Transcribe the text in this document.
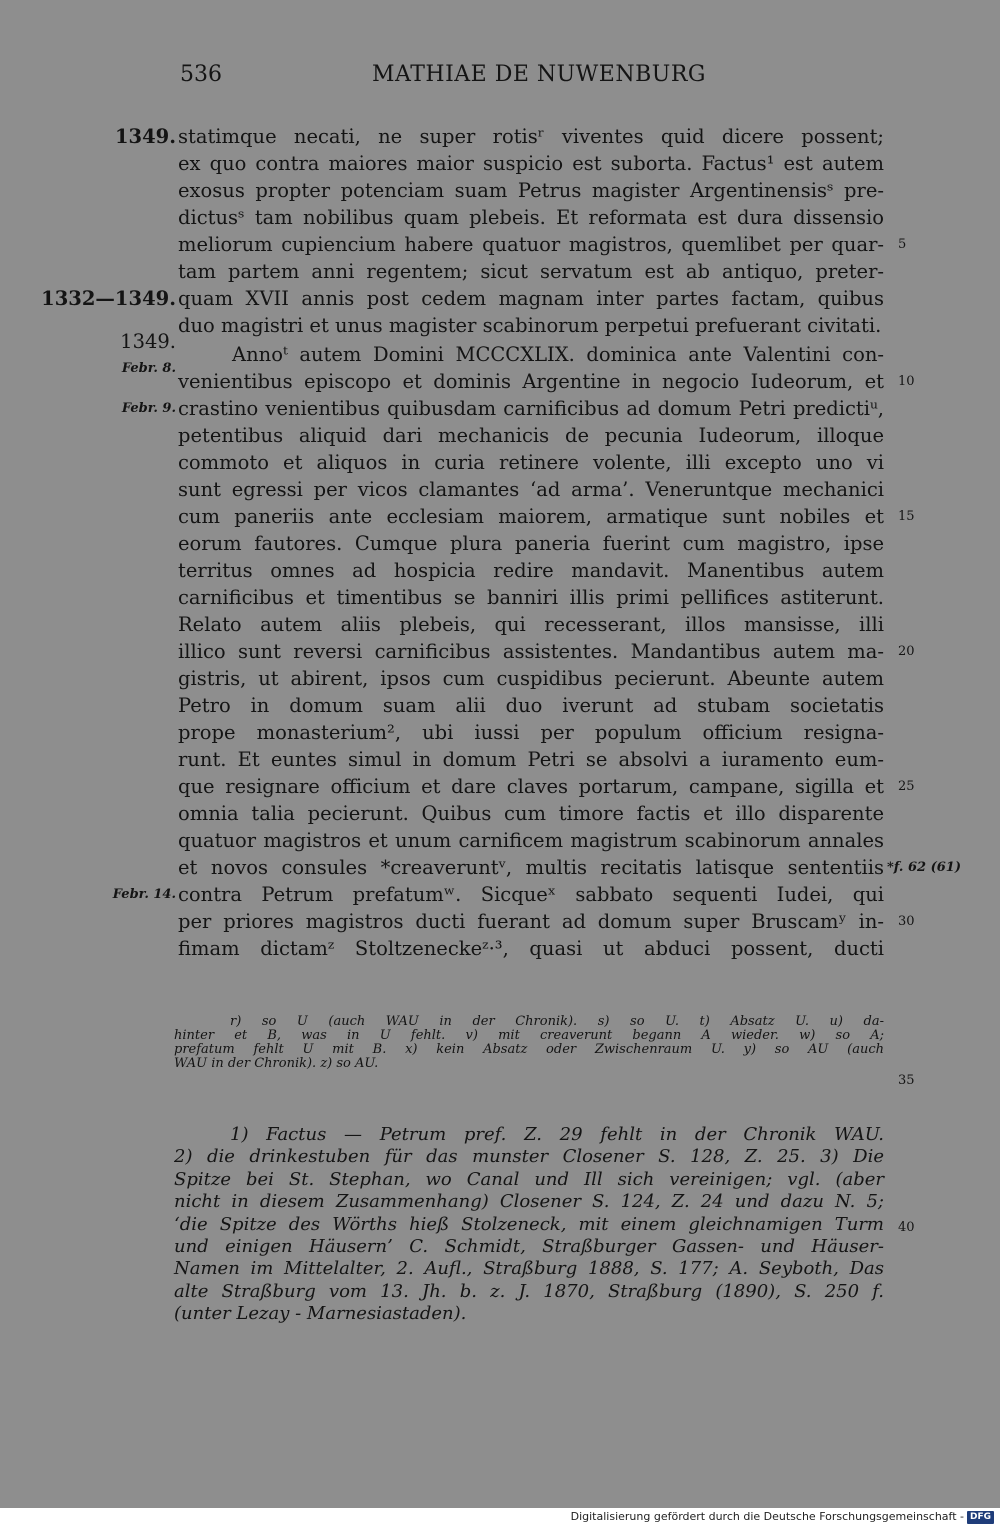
536	MATHIAE DE NUWENBURG
statimque necati, ne super rotisʳ viventes quid dicere possent;
ex quo contra maiores maior suspicio est suborta. Factus¹ est autem
exosus propter potenciam suam Petrus magister Argentinensisˢ pre-
dictusˢ tam nobilibus quam plebeis. Et reformata est dura dissensio
meliorum cupiencium habere quatuor magistros, quemlibet per quar-
tam partem anni regentem; sicut servatum est ab antiquo, preter-
quam XVII annis post cedem magnam inter partes factam, quibus
duo magistri et unus magister scabinorum perpetui prefuerant civitati.
Annoᵗ autem Domini MCCCXLIX. dominica ante Valentini con-
venientibus episcopo et dominis Argentine in negocio Iudeorum, et
crastino venientibus quibusdam carnificibus ad domum Petri predictiᵘ,
petentibus aliquid dari mechanicis de pecunia Iudeorum, illoque
commoto et aliquos in curia retinere volente, illi excepto uno vi
sunt egressi per vicos clamantes ‘ad arma’. Veneruntque mechanici
cum paneriis ante ecclesiam maiorem, armatique sunt nobiles et
eorum fautores. Cumque plura paneria fuerint cum magistro, ipse
territus omnes ad hospicia redire mandavit. Manentibus autem
carnificibus et timentibus se banniri illis primi pellifices astiterunt.
Relato autem aliis plebeis, qui recesserant, illos mansisse, illi
illico sunt reversi carnificibus assistentes. Mandantibus autem ma-
gistris, ut abirent, ipsos cum cuspidibus pecierunt. Abeunte autem
Petro in domum suam alii duo iverunt ad stubam societatis
prope monasterium², ubi iussi per populum officium resigna-
runt. Et euntes simul in domum Petri se absolvi a iuramento eum-
que resignare officium et dare claves portarum, campane, sigilla et
omnia talia pecierunt. Quibus cum timore factis et illo disparente
quatuor magistros et unum carnificem magistrum scabinorum annales
et novos consules *creaveruntᵛ, multis recitatis latisque sententiis
contra Petrum prefatumʷ. Sicqueˣ sabbato sequenti Iudei, qui
per priores magistros ducti fuerant ad domum super Bruscamʸ in-
fimam dictamᶻ Stoltzeneckeᶻ·³, quasi ut abduci possent, ducti
1349.
1332—1349.
1349.
Febr. 8.
Febr. 9.
Febr. 14.
5
10
15
20
25
*f. 62 (61)
30
r) so U (auch WAU in der Chronik). s) so U. t) Absatz U. u) da-
hinter et B, was in U fehlt. v) mit creaverunt begann A wieder. w) so A;
prefatum fehlt U mit B. x) kein Absatz oder Zwischenraum U. y) so AU (auch
WAU in der Chronik). z) so AU.
35
1) Factus — Petrum pref. Z. 29 fehlt in der Chronik WAU.
2) die drinkestuben für das munster Closener S. 128, Z. 25. 3) Die
Spitze bei St. Stephan, wo Canal und Ill sich vereinigen; vgl. (aber
nicht in diesem Zusammenhang) Closener S. 124, Z. 24 und dazu N. 5;
‘die Spitze des Wörths hieß Stolzeneck, mit einem gleichnamigen Turm
und einigen Häusern’ C. Schmidt, Straßburger Gassen- und Häuser-
Namen im Mittelalter, 2. Aufl., Straßburg 1888, S. 177; A. Seyboth, Das
alte Straßburg vom 13. Jh. b. z. J. 1870, Straßburg (1890), S. 250 f.
(unter Lezay - Marnesiastaden).
40
Digitalisierung gefördert durch die Deutsche Forschungsgemeinschaft - DFG
